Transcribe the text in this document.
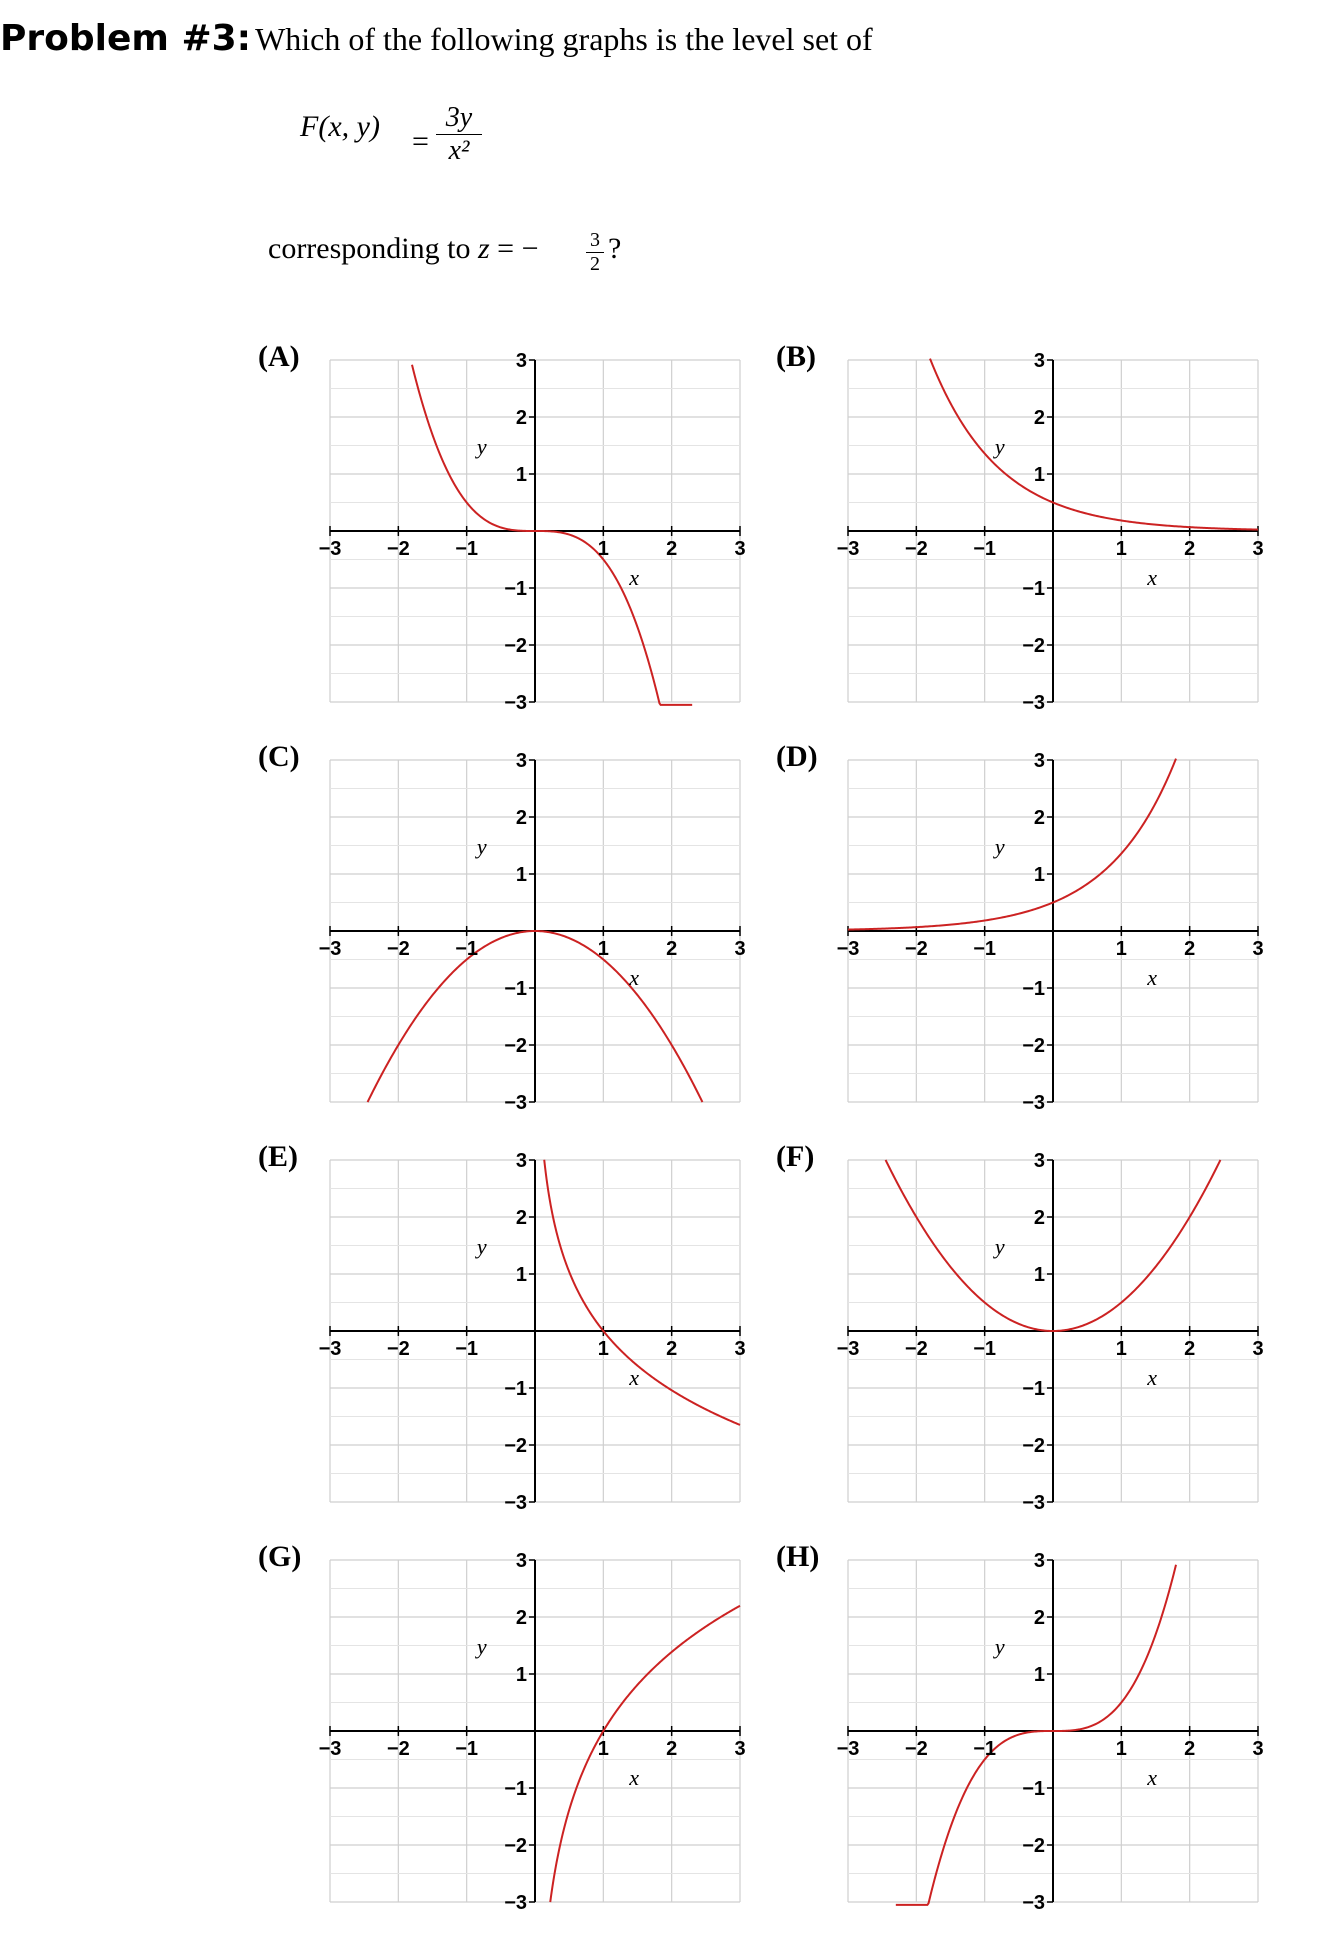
Problem #3: Which of the following graphs is the level set of
F(x, $y) = \frac{3y}{\text{x²}}$
corresponding to z = − $\frac{3}{2}$ ?
(A)	(B)
(C)	(D)
(E)	(F)
(G)	(H)
−3 −2 −1	1	2	3
3
2
1
−1
−2
−3
x
y
−3 −2 −1	1	2	3
3
2
1
−1
−2
−3
x
y
−3 −2 −1	1	2	3
3
2
1
−1
−2
−3
x
y
−3 −2 −1	1	2	3
3
2
1
−1
−2
−3
x
y
−3 −2 −1	1	2	3
3
2
1
−1
−2
−3
x
y
−3 −2 −1	1	2	3
3
2
1
−1
−2
−3
x
y
−3 −2 −1	1	2	3
3
2
1
−1
−2
−3
x
y
−3 −2 −1	1	2	3
3
2
1
−1
−2
−3
x
y
